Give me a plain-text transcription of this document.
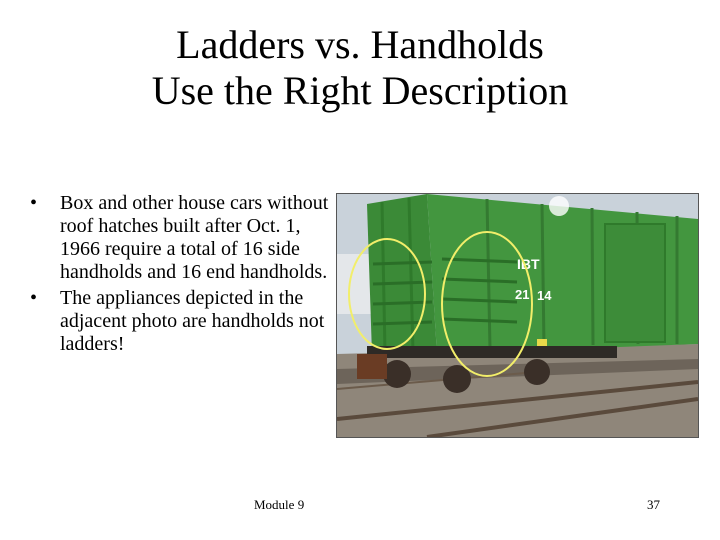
Ladders vs. Handholds
Use the Right Description
•	Box and other house cars without roof hatches built after Oct. 1, 1966 require a total of 16 side handholds and 16 end handholds.
•	The appliances depicted in the adjacent photo are handholds not ladders!
IBT
21 14
Module 9	37
